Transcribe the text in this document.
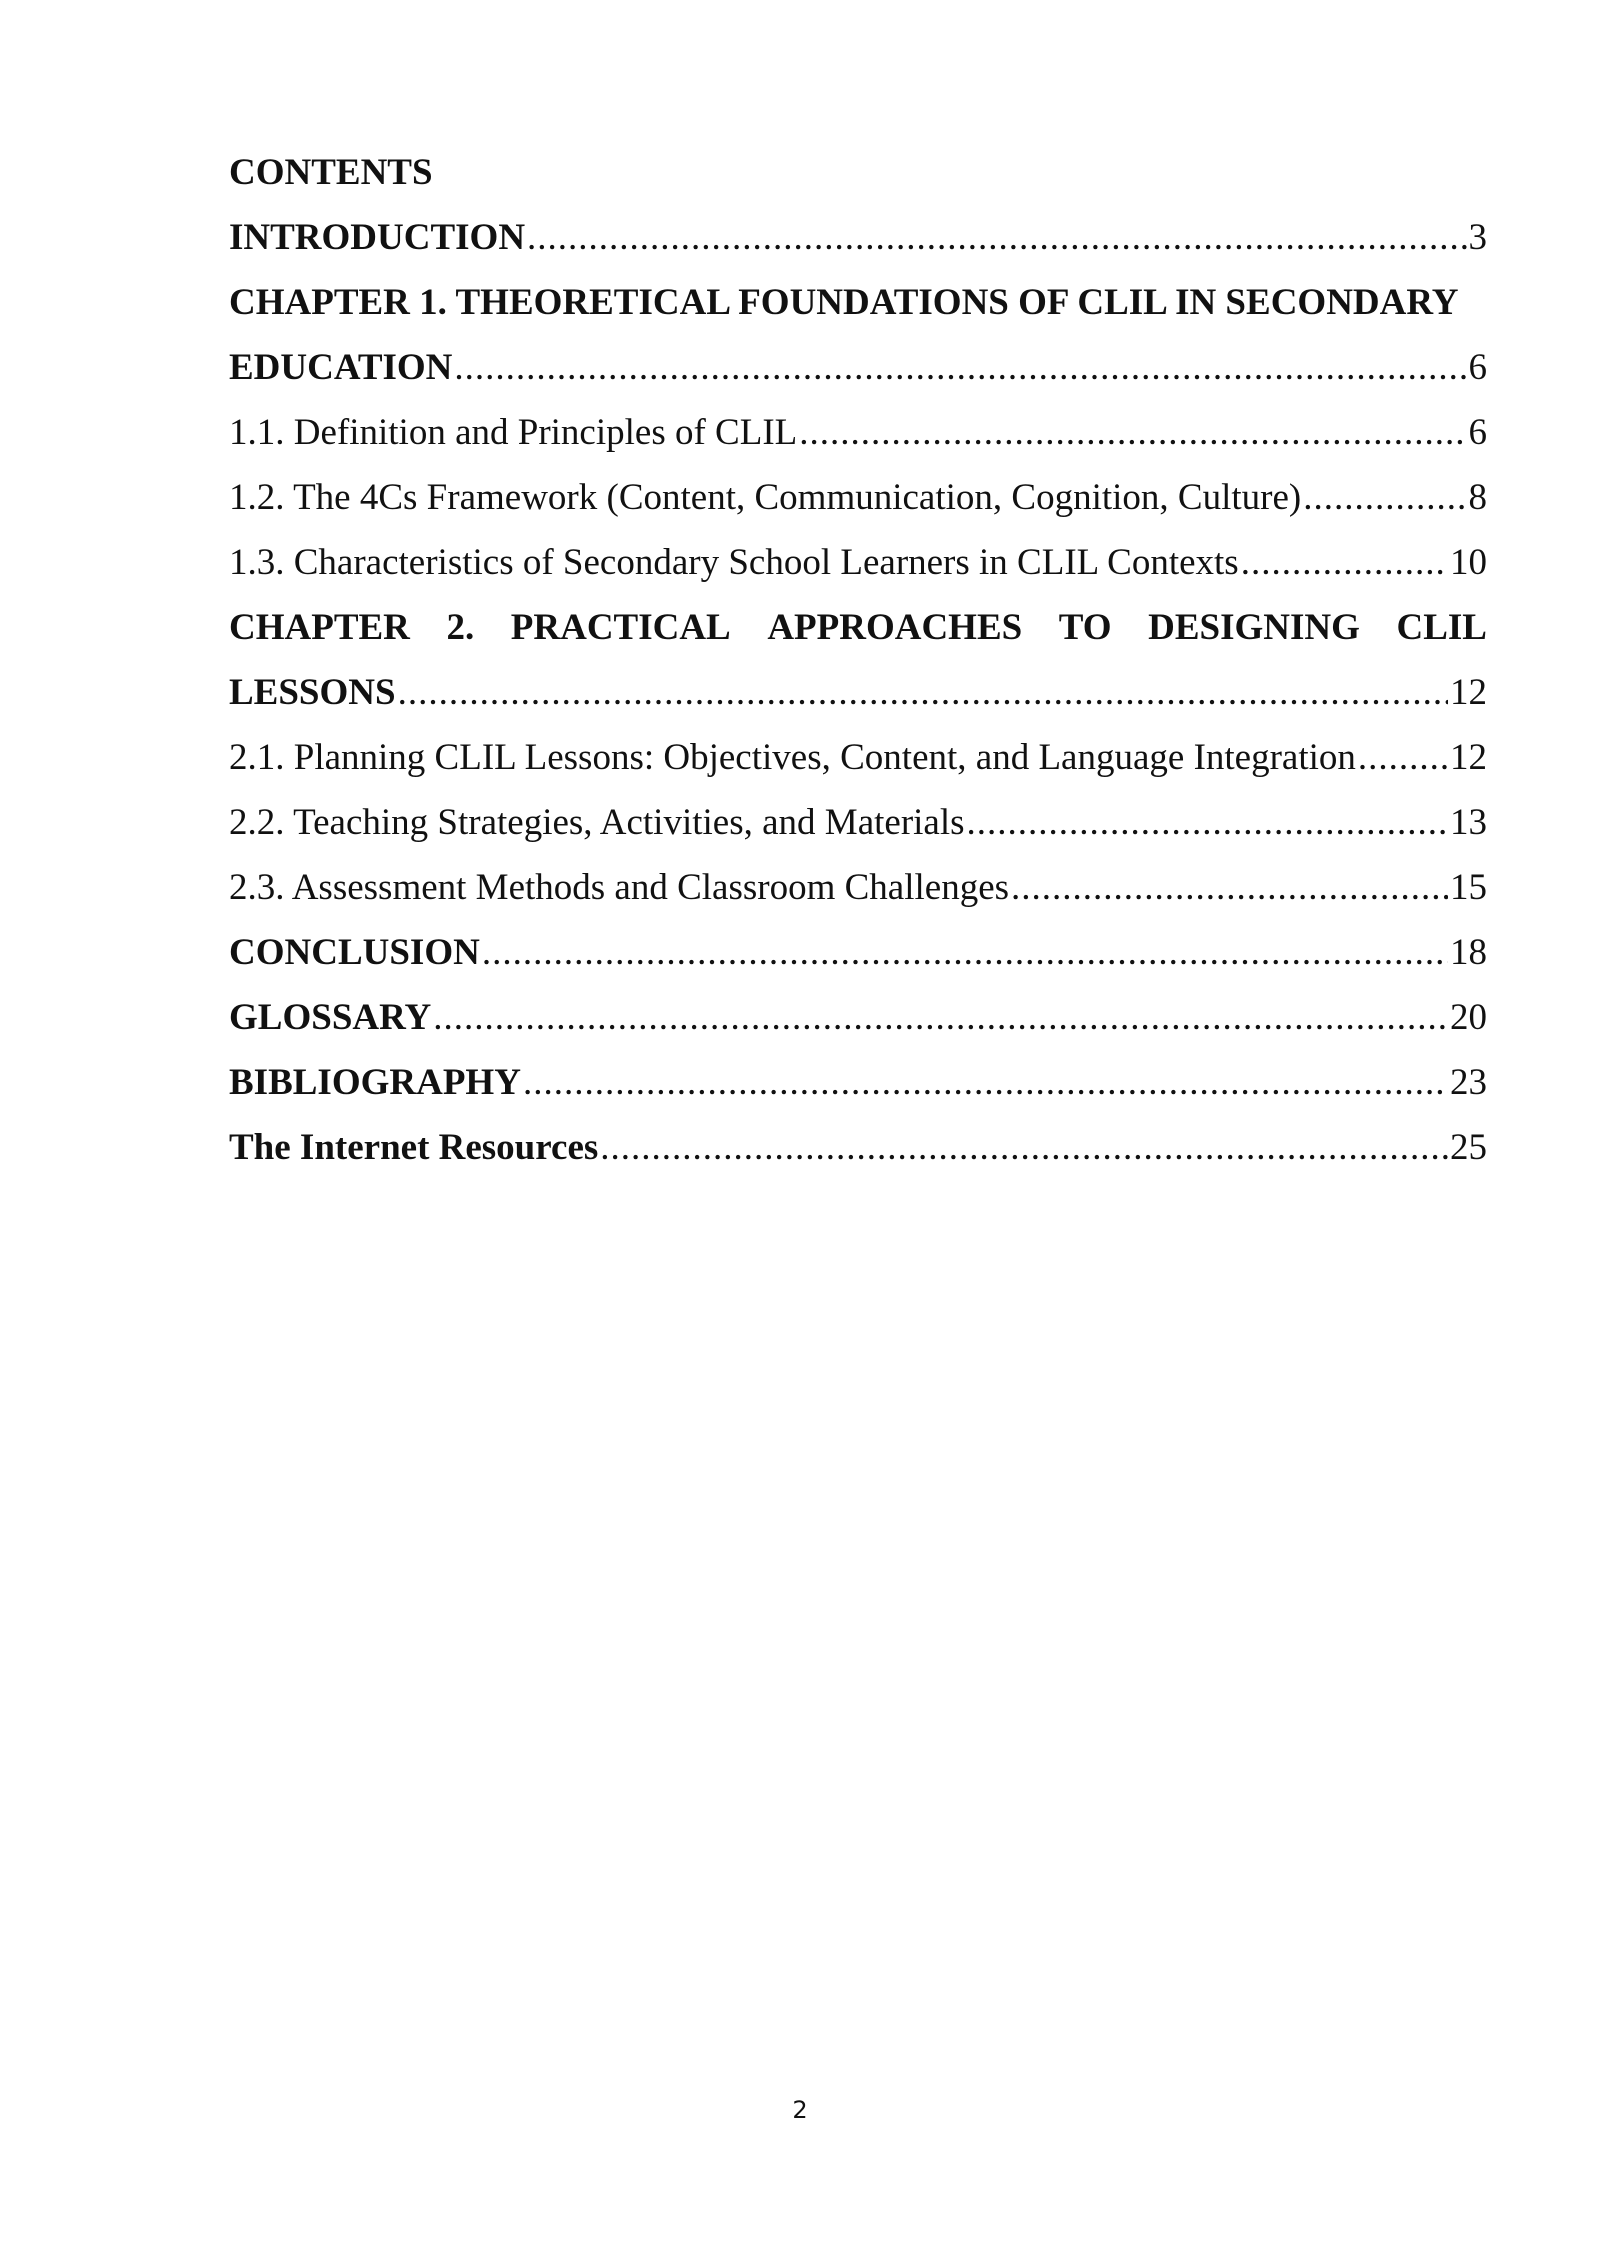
CONTENTS
INTRODUCTION .....	3
CHAPTER 1. THEORETICAL FOUNDATIONS OF CLIL IN SECONDARY
EDUCATION .....	6
1.1. Definition and Principles of CLIL .....	6
1.2. The 4Cs Framework (Content, Communication, Cognition, Culture) .....	8
1.3. Characteristics of Secondary School Learners in CLIL Contexts .....	10
CHAPTER 2. PRACTICAL APPROACHES TO DESIGNING CLIL
LESSONS .....	12
2.1. Planning CLIL Lessons: Objectives, Content, and Language Integration .....	12
2.2. Teaching Strategies, Activities, and Materials .....	13
2.3. Assessment Methods and Classroom Challenges .....	15
CONCLUSION .....	18
GLOSSARY .....	20
BIBLIOGRAPHY .....	23
The Internet Resources .....	25
2
